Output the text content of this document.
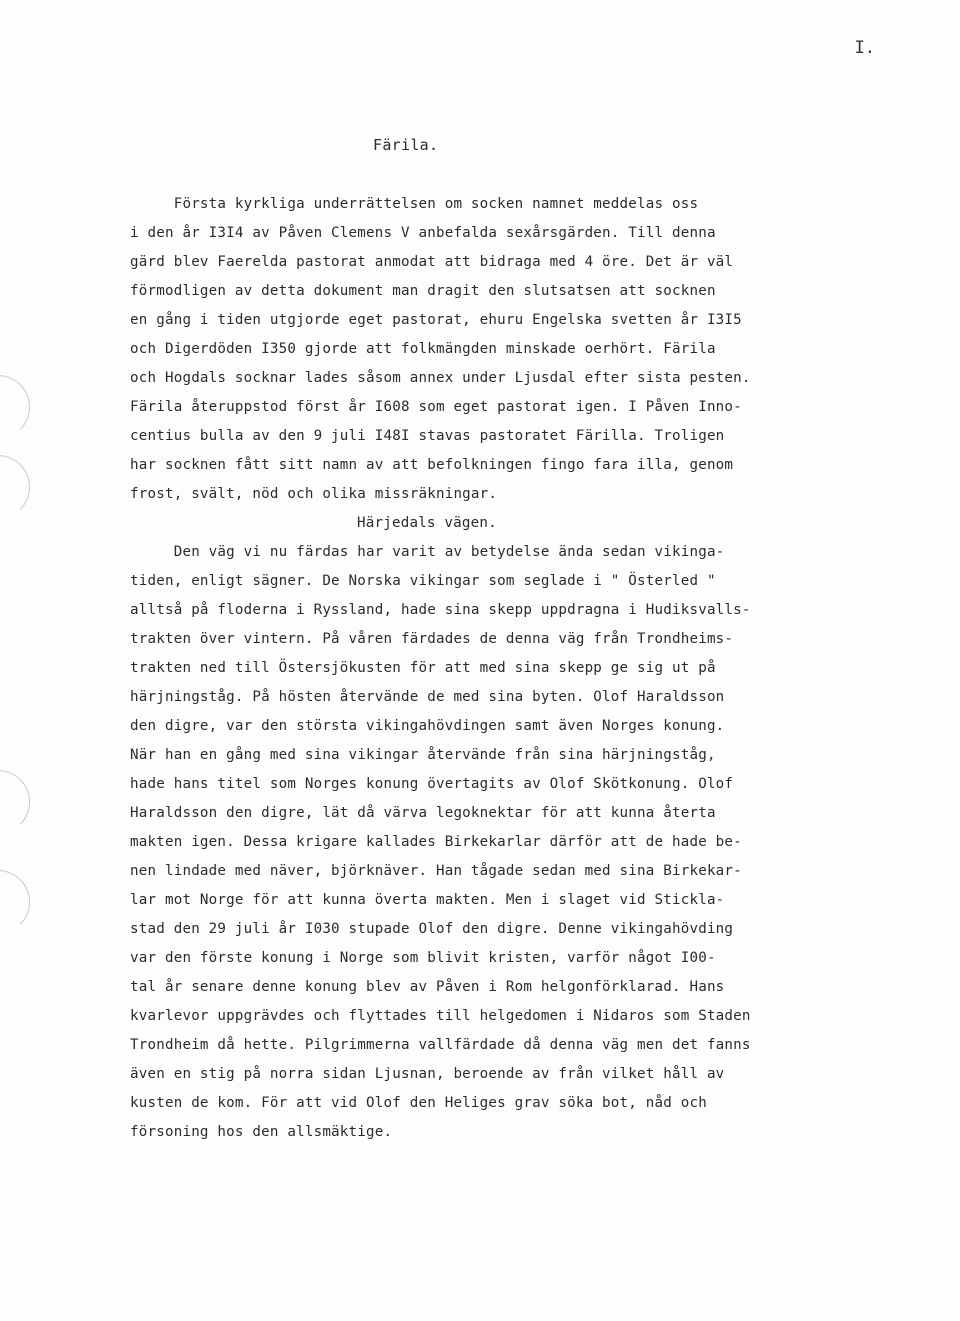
I.
Färila.
Första kyrkliga underrättelsen om socken namnet meddelas oss
i den år I3I4 av Påven Clemens V anbefalda sexårsgärden. Till denna
gärd blev Faerelda pastorat anmodat att bidraga med 4 öre. Det är väl
förmodligen av detta dokument man dragit den slutsatsen att socknen
en gång i tiden utgjorde eget pastorat, ehuru Engelska svetten år I3I5
och Digerdöden I350 gjorde att folkmängden minskade oerhört. Färila
och Hogdals socknar lades såsom annex under Ljusdal efter sista pesten.
Färila återuppstod först år I608 som eget pastorat igen. I Påven Inno-
centius bulla av den 9 juli I48I stavas pastoratet Färilla. Troligen
har socknen fått sitt namn av att befolkningen fingo fara illa, genom
frost, svält, nöd och olika missräkningar.
Härjedals vägen.
Den väg vi nu färdas har varit av betydelse ända sedan vikinga-
tiden, enligt sägner. De Norska vikingar som seglade i " Österled "
alltså på floderna i Ryssland, hade sina skepp uppdragna i Hudiksvalls-
trakten över vintern. På våren färdades de denna väg från Trondheims-
trakten ned till Östersjökusten för att med sina skepp ge sig ut på
härjningståg. På hösten återvände de med sina byten. Olof Haraldsson
den digre, var den största vikingahövdingen samt även Norges konung.
När han en gång med sina vikingar återvände från sina härjningståg,
hade hans titel som Norges konung övertagits av Olof Skötkonung. Olof
Haraldsson den digre, lät då värva legoknektar för att kunna återta
makten igen. Dessa krigare kallades Birkekarlar därför att de hade be-
nen lindade med näver, björknäver. Han tågade sedan med sina Birkekar-
lar mot Norge för att kunna överta makten. Men i slaget vid Stickla-
stad den 29 juli år I030 stupade Olof den digre. Denne vikingahövding
var den förste konung i Norge som blivit kristen, varför något I00-
tal år senare denne konung blev av Påven i Rom helgonförklarad. Hans
kvarlevor uppgrävdes och flyttades till helgedomen i Nidaros som Staden
Trondheim då hette. Pilgrimmerna vallfärdade då denna väg men det fanns
även en stig på norra sidan Ljusnan, beroende av från vilket håll av
kusten de kom. För att vid Olof den Heliges grav söka bot, nåd och
försoning hos den allsmäktige.
